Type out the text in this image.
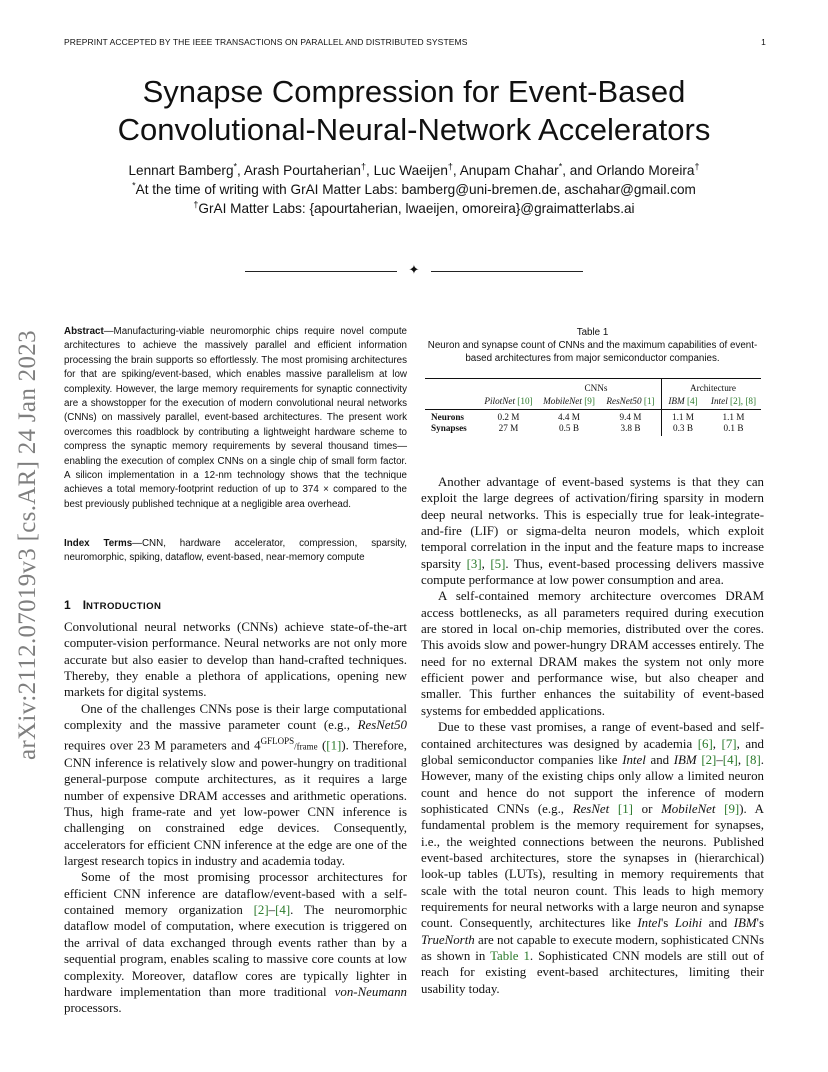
PREPRINT ACCEPTED BY THE IEEE TRANSACTIONS ON PARALLEL AND DISTRIBUTED SYSTEMS	1
arXiv:2112.07019v3 [cs.AR] 24 Jan 2023
Synapse Compression for Event-Based
Convolutional-Neural-Network Accelerators
Lennart Bamberg*, Arash Pourtaherian†, Luc Waeijen†, Anupam Chahar*, and Orlando Moreira†
*At the time of writing with GrAI Matter Labs: bamberg@uni-bremen.de, aschahar@gmail.com
†GrAI Matter Labs: {apourtaherian, lwaeijen, omoreira}@graimatterlabs.ai
✦
Abstract—Manufacturing-viable neuromorphic chips require novel compute architectures to achieve the massively parallel and efficient information processing the brain supports so effortlessly. The most promising architectures for that are spiking/event-based, which enables massive parallelism at low complexity. However, the large memory requirements for synaptic connectivity are a showstopper for the execution of modern convolutional neural networks (CNNs) on massively parallel, event-based architectures. The present work overcomes this roadblock by contributing a lightweight hardware scheme to compress the synaptic memory requirements by several thousand times—enabling the execution of complex CNNs on a single chip of small form factor. A silicon implementation in a 12-nm technology shows that the technique achieves a total memory-footprint reduction of up to 374 × compared to the best previously published technique at a negligible area overhead.
Index Terms—CNN, hardware accelerator, compression, sparsity, neuromorphic, spiking, dataflow, event-based, near-memory compute
1 INTRODUCTION

Convolutional neural networks (CNNs) achieve state-of-the-art computer-vision performance. Neural networks are not only more accurate but also easier to develop than hand-crafted techniques. Thereby, they enable a plethora of applications, opening new markets for digital systems.

One of the challenges CNNs pose is their large computational complexity and the massive parameter count (e.g., ResNet50 requires over 23 M parameters and $4^{GFLOPS}$/frame ([1]). Therefore, CNN inference is relatively slow and power-hungry on traditional general-purpose compute architectures, as it requires a large number of expensive DRAM accesses and arithmetic operations. Thus, high frame-rate and yet low-power CNN inference is challenging on constrained edge devices. Consequently, accelerators for efficient CNN inference at the edge are one of the largest research topics in industry and academia today.

Some of the most promising processor architectures for efficient CNN inference are dataflow/event-based with a self-contained memory organization [2]–[4]. The neuromorphic dataflow model of computation, where execution is triggered on the arrival of data exchanged through events rather than by a sequential program, enables scaling to massive core counts at low complexity. Moreover, dataflow cores are typically lighter in hardware implementation than more traditional von-Neumann processors.

Table 1
Neuron and synapse count of CNNs and the maximum capabilities of event-based architectures from major semiconductor companies.
CNNs	Architecture
PilotNet [10]	MobileNet [9]	ResNet50 [1]	IBM [4]	Intel [2], [8]
Neurons	0.2 M	4.4 M	9.4 M	1.1 M	1.1 M
Synapses	27 M	0.5 B	3.8 B	0.3 B	0.1 B

Another advantage of event-based systems is that they can exploit the large degrees of activation/firing sparsity in modern deep neural networks. This is especially true for leak-integrate-and-fire (LIF) or sigma-delta neuron models, which exploit temporal correlation in the input and the feature maps to increase sparsity [3], [5]. Thus, event-based processing delivers massive compute performance at low power consumption and area.

A self-contained memory architecture overcomes DRAM access bottlenecks, as all parameters required during execution are stored in local on-chip memories, distributed over the cores. This avoids slow and power-hungry DRAM accesses entirely. The need for no external DRAM makes the system not only more efficient power and performance wise, but also cheaper and smaller. This further enhances the suitability of event-based systems for embedded applications.

Due to these vast promises, a range of event-based and self-contained architectures was designed by academia [6], [7], and global semiconductor companies like Intel and IBM [2]–[4], [8]. However, many of the existing chips only allow a limited neuron count and hence do not support the inference of modern sophisticated CNNs (e.g., ResNet [1] or MobileNet [9]). A fundamental problem is the memory requirement for synapses, i.e., the weighted connections between the neurons. Published event-based architectures, store the synapses in (hierarchical) look-up tables (LUTs), resulting in memory requirements that scale with the total neuron count. This leads to high memory requirements for neural networks with a large neuron and synapse count. Consequently, architectures like Intel's Loihi and IBM's TrueNorth are not capable to execute modern, sophisticated CNNs as shown in Table 1. Sophisticated CNN models are still out of reach for existing event-based architectures, limiting their usability today.
